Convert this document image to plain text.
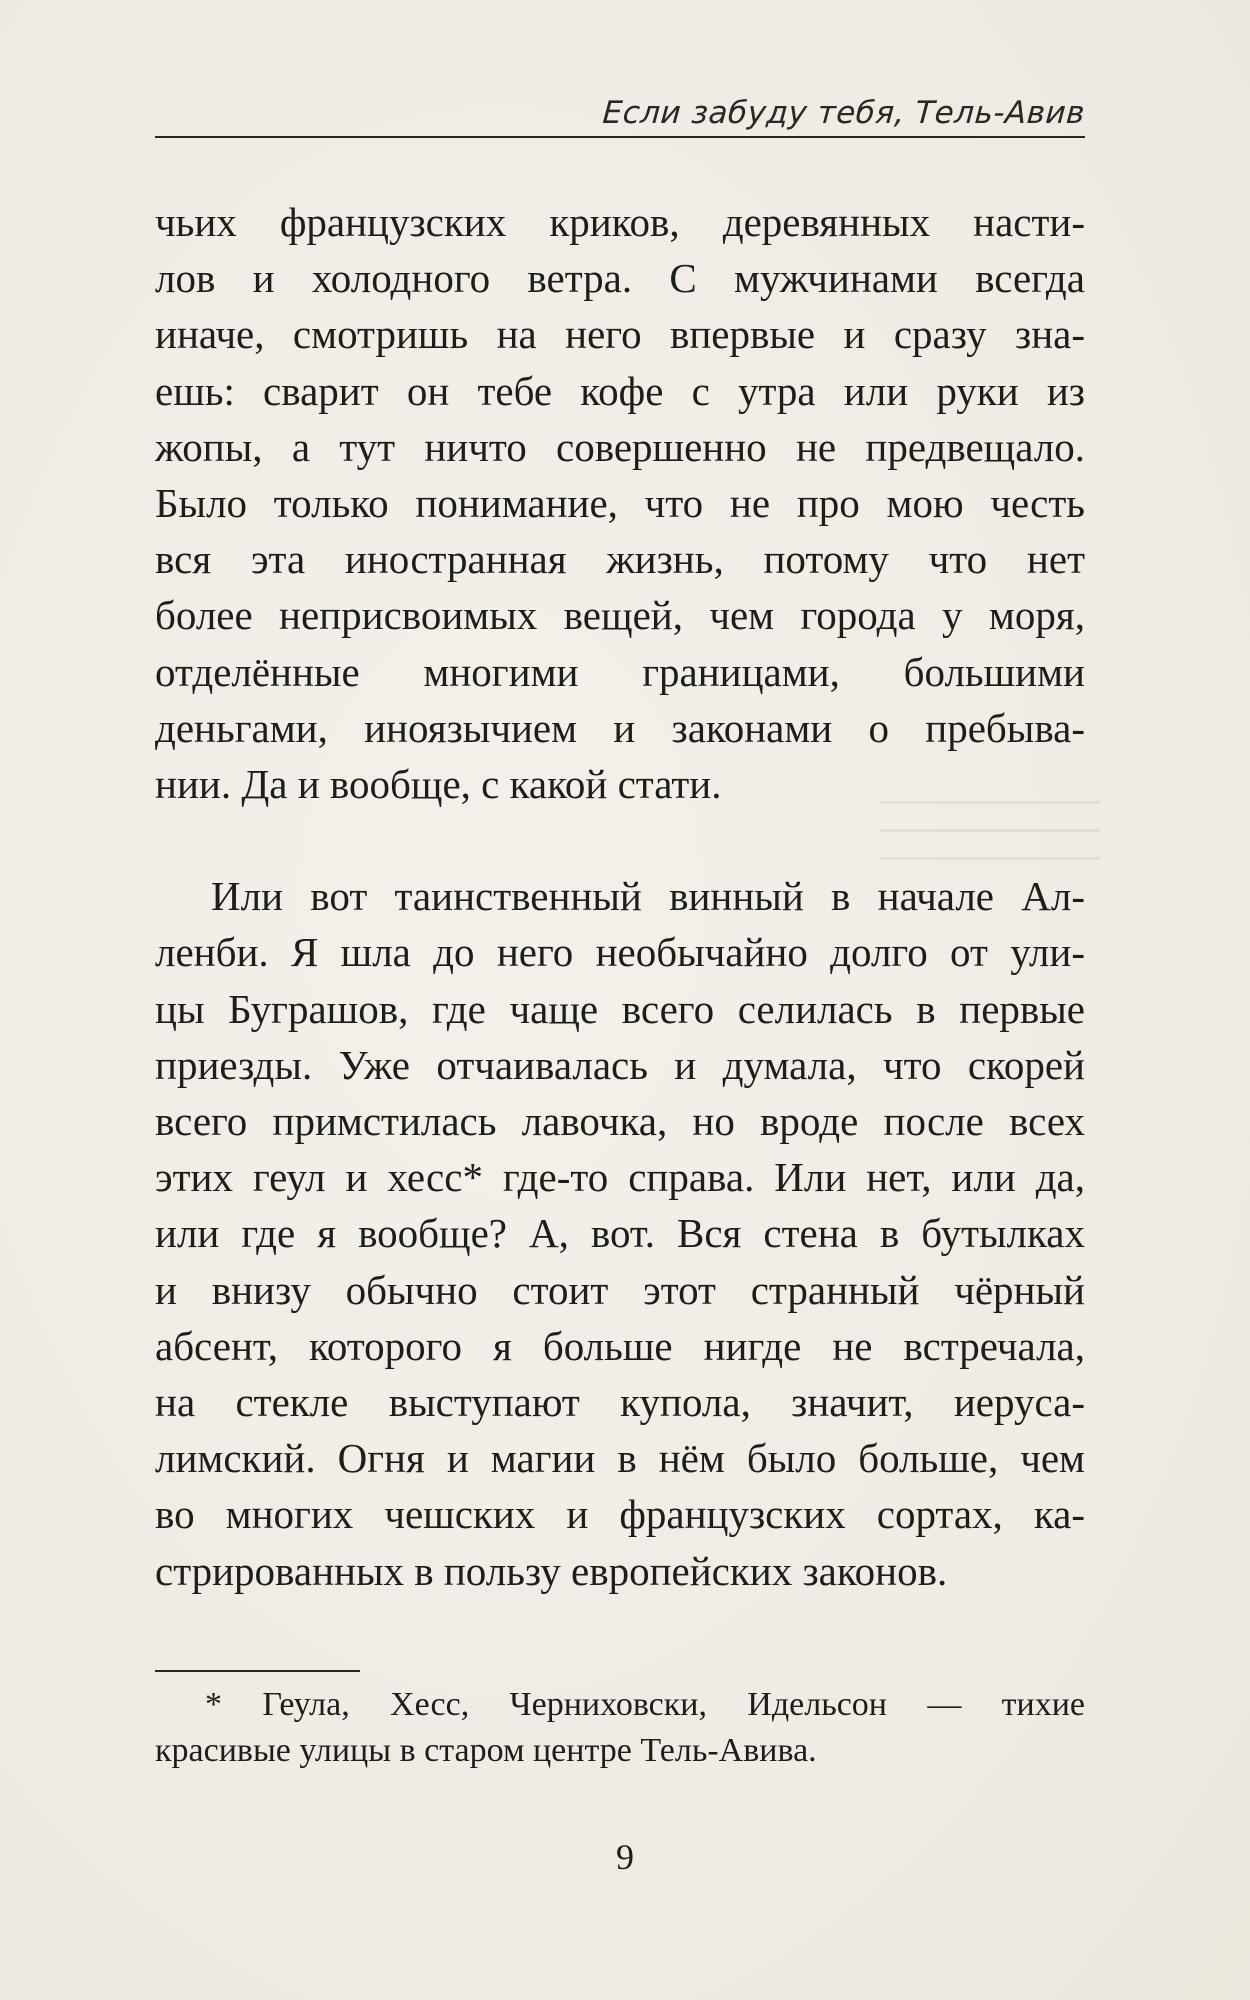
Если забуду тебя, Тель-Авив
чьих французских криков, деревянных насти-
лов и холодного ветра. С мужчинами всегда
иначе, смотришь на него впервые и сразу зна-
ешь: сварит он тебе кофе с утра или руки из
жопы, а тут ничто совершенно не предвещало.
Было только понимание, что не про мою честь
вся эта иностранная жизнь, потому что нет
более неприсвоимых вещей, чем города у моря,
отделённые многими границами, большими
деньгами, иноязычием и законами о пребыва-
нии. Да и вообще, с какой стати.
Или вот таинственный винный в начале Ал-
ленби. Я шла до него необычайно долго от ули-
цы Буграшов, где чаще всего селилась в первые
приезды. Уже отчаивалась и думала, что скорей
всего примстилась лавочка, но вроде после всех
этих геул и хесс* где-то справа. Или нет, или да,
или где я вообще? А, вот. Вся стена в бутылках
и внизу обычно стоит этот странный чёрный
абсент, которого я больше нигде не встречала,
на стекле выступают купола, значит, иеруса-
лимский. Огня и магии в нём было больше, чем
во многих чешских и французских сортах, ка-
стрированных в пользу европейских законов.
* Геула, Хесс, Черниховски, Идельсон — тихие
красивые улицы в старом центре Тель-Авива.
9
